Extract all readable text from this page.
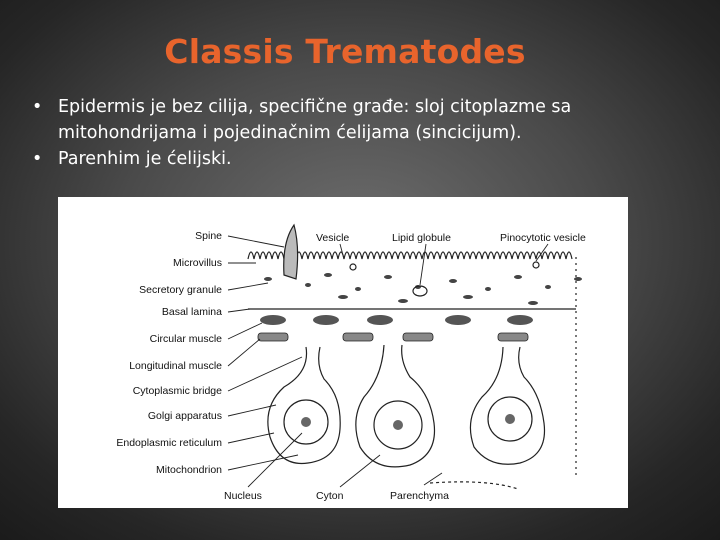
Classis Trematodes
• Epidermis je bez cilija, specifične građe: sloj citoplazme sa mitohondrijama i pojedinačnim ćelijama (sincicijum).
• Parenhim je ćelijski.
Spine
Microvillus
Secretory granule
Basal lamina
Circular muscle
Longitudinal muscle
Cytoplasmic bridge
Golgi apparatus
Endoplasmic reticulum
Mitochondrion
Vesicle	Lipid globule	Pinocytotic vesicle
Nucleus	Cyton	Parenchyma
